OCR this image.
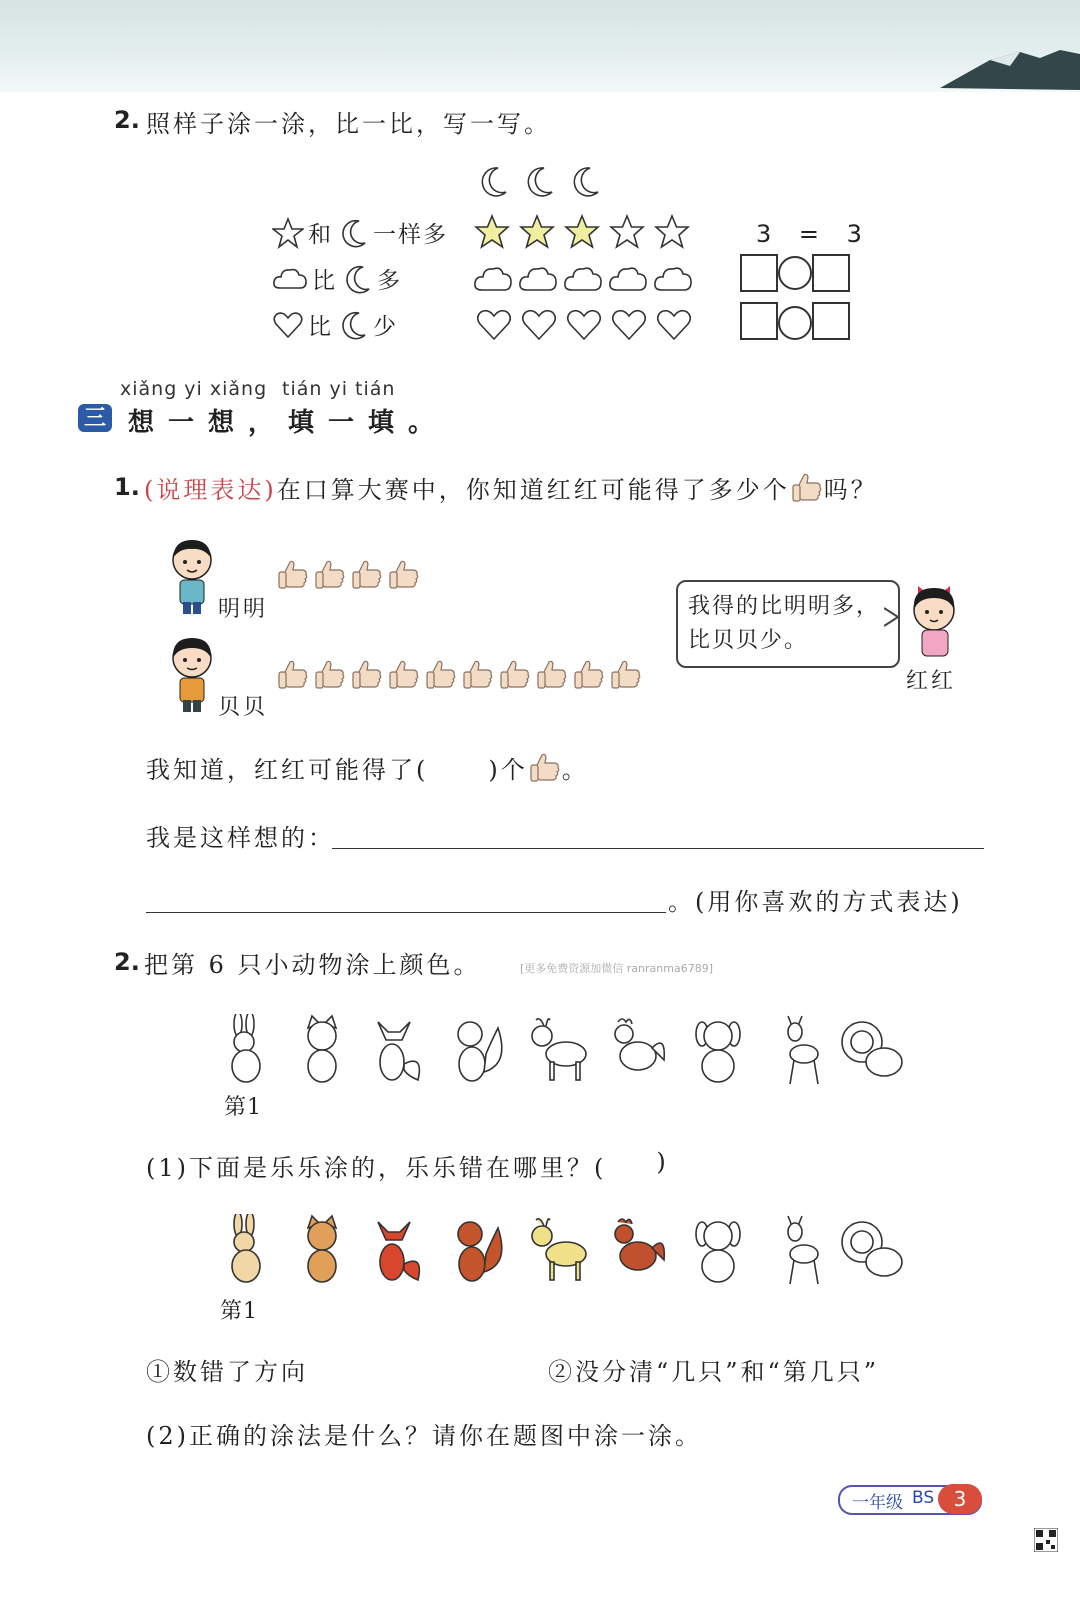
2. 照样子涂一涂，比一比，写一写。
和 一样多	3 = 3
比 多
比 少
xiǎng yi xiǎng tián yi tián
三 想一想，填一填。
1. (说理表达) 在口算大赛中，你知道红红可能得了多少个 吗？
明明
贝贝
我得的比明明多，
比贝贝少。
红红
我知道，红红可能得了(	)个 。
我是这样想的：
。(用你喜欢的方式表达)
2. 把第 6 只小动物涂上颜色。	[更多免费资源加微信 ranranma6789]
第1
(1)下面是乐乐涂的，乐乐错在哪里？( )
第1
①数错了方向	②没分清“几只”和“第几只”
(2)正确的涂法是什么？请你在题图中涂一涂。
一年级 BS 3
